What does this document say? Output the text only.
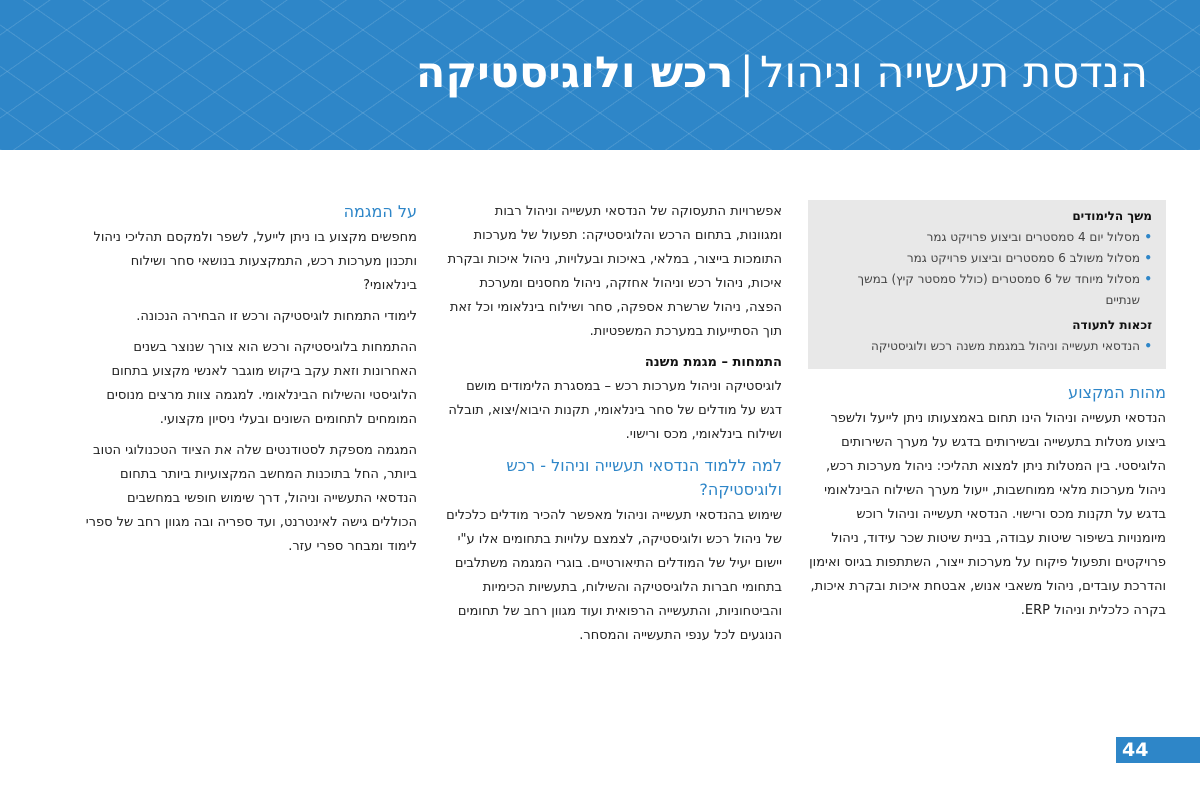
הנדסת תעשייה וניהול|רכש ולוגיסטיקה
משך הלימודים
• מסלול יום 4 סמסטרים וביצוע פרויקט גמר
• מסלול משולב 6 סמסטרים וביצוע פרויקט גמר
• מסלול מיוחד של 6 סמסטרים (כולל סמסטר קיץ) במשך שנתיים
זכאות לתעודה
• הנדסאי תעשייה וניהול במגמת משנה רכש ולוגיסטיקה
מהות המקצוע

הנדסאי תעשייה וניהול הינו תחום באמצעותו ניתן לייעל ולשפר ביצוע מטלות בתעשייה ובשירותים בדגש על מערך השירותים הלוגיסטי. בין המטלות ניתן למצוא תהליכי: ניהול מערכות רכש, ניהול מערכות מלאי ממוחשבות, ייעול מערך השילוח הבינלאומי בדגש על תקנות מכס ורישוי. הנדסאי תעשייה וניהול רוכש מיומנויות בשיפור שיטות עבודה, בניית שיטות שכר עידוד, ניהול פרויקטים ותפעול פיקוח על מערכות ייצור, השתתפות בגיוס ואימון והדרכת עובדים, ניהול משאבי אנוש, אבטחת איכות ובקרת איכות, בקרה כלכלית וניהול ERP.

אפשרויות התעסוקה של הנדסאי תעשייה וניהול רבות ומגוונות, בתחום הרכש והלוגיסטיקה: תפעול של מערכות התומכות בייצור, במלאי, באיכות ובעלויות, ניהול איכות ובקרת איכות, ניהול רכש וניהול אחזקה, ניהול מחסנים ומערכת הפצה, ניהול שרשרת אספקה, סחר ושילוח בינלאומי וכל זאת תוך הסתייעות במערכת המשפטיות.

התמחות – מגמת משנה

לוגיסטיקה וניהול מערכות רכש – במסגרת הלימודים מושם דגש על מודלים של סחר בינלאומי, תקנות היבוא/יצוא, תובלה ושילוח בינלאומי, מכס ורישוי.

למה ללמוד הנדסאי תעשייה וניהול - רכש ולוגיסטיקה?

שימוש בהנדסאי תעשייה וניהול מאפשר להכיר מודלים כלכלים של ניהול רכש ולוגיסטיקה, לצמצם עלויות בתחומים אלו ע"י יישום יעיל של המודלים התיאורטיים. בוגרי המגמה משתלבים בתחומי חברות הלוגיסטיקה והשילוח, בתעשיות הכימיות והביטחוניות, והתעשייה הרפואית ועוד מגוון רחב של תחומים הנוגעים לכל ענפי התעשייה והמסחר.

על המגמה

מחפשים מקצוע בו ניתן לייעל, לשפר ולמקסם תהליכי ניהול ותכנון מערכות רכש, התמקצעות בנושאי סחר ושילוח בינלאומי?

לימודי התמחות לוגיסטיקה ורכש זו הבחירה הנכונה.

ההתמחות בלוגיסטיקה ורכש הוא צורך שנוצר בשנים האחרונות וזאת עקב ביקוש מוגבר לאנשי מקצוע בתחום הלוגיסטי והשילוח הבינלאומי. למגמה צוות מרצים מנוסים המומחים לתחומים השונים ובעלי ניסיון מקצועי.

המגמה מספקת לסטודנטים שלה את הציוד הטכנולוגי הטוב ביותר, החל בתוכנות המחשב המקצועיות ביותר בתחום הנדסאי התעשייה וניהול, דרך שימוש חופשי במחשבים הכוללים גישה לאינטרנט, ועד ספריה ובה מגוון רחב של ספרי לימוד ומבחר ספרי עזר.

44
